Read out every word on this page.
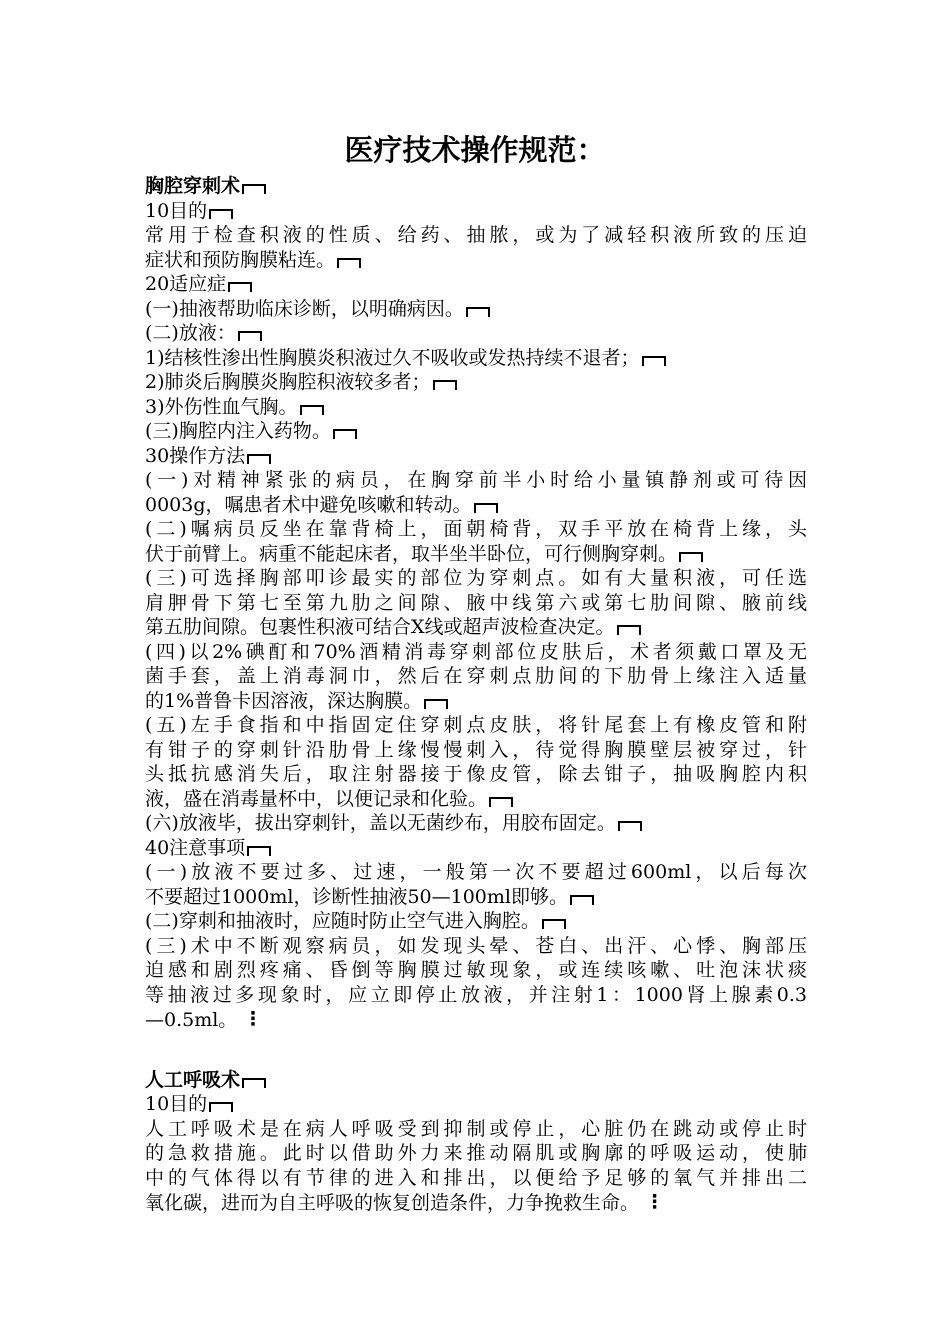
医疗技术操作规范：
胸腔穿刺术
10目的
常用于检查积液的性质、给药、抽脓，或为了减轻积液所致的压迫
症状和预防胸膜粘连。
20适应症
(一)抽液帮助临床诊断，以明确病因。
(二)放液：
1)结核性渗出性胸膜炎积液过久不吸收或发热持续不退者；
2)肺炎后胸膜炎胸腔积液较多者；
3)外伤性血气胸。
(三)胸腔内注入药物。
30操作方法
(一)对精神紧张的病员，在胸穿前半小时给小量镇静剂或可待因
0003g，嘱患者术中避免咳嗽和转动。
(二)嘱病员反坐在靠背椅上，面朝椅背，双手平放在椅背上缘，头
伏于前臂上。病重不能起床者，取半坐半卧位，可行侧胸穿刺。
(三)可选择胸部叩诊最实的部位为穿刺点。如有大量积液，可任选
肩胛骨下第七至第九肋之间隙、腋中线第六或第七肋间隙、腋前线
第五肋间隙。包裹性积液可结合X线或超声波检查决定。
(四)以2%碘酊和70%酒精消毒穿刺部位皮肤后，术者须戴口罩及无
菌手套，盖上消毒洞巾，然后在穿刺点肋间的下肋骨上缘注入适量
的1%普鲁卡因溶液，深达胸膜。
(五)左手食指和中指固定住穿刺点皮肤，将针尾套上有橡皮管和附
有钳子的穿刺针沿肋骨上缘慢慢刺入，待觉得胸膜壁层被穿过，针
头抵抗感消失后，取注射器接于像皮管，除去钳子，抽吸胸腔内积
液，盛在消毒量杯中，以便记录和化验。
(六)放液毕，拔出穿刺针，盖以无菌纱布，用胶布固定。
40注意事项
(一)放液不要过多、过速，一般第一次不要超过600ml，以后每次
不要超过1000ml，诊断性抽液50—100ml即够。
(二)穿刺和抽液时，应随时防止空气进入胸腔。
(三)术中不断观察病员，如发现头晕、苍白、出汗、心悸、胸部压
迫感和剧烈疼痛、昏倒等胸膜过敏现象，或连续咳嗽、吐泡沫状痰
等抽液过多现象时，应立即停止放液，并注射1：1000肾上腺素0.3
—0.5ml。 ⋮
人工呼吸术
10目的
人工呼吸术是在病人呼吸受到抑制或停止，心脏仍在跳动或停止时
的急救措施。此时以借助外力来推动隔肌或胸廓的呼吸运动，使肺
中的气体得以有节律的进入和排出，以便给予足够的氧气并排出二
氧化碳，进而为自主呼吸的恢复创造条件，力争挽救生命。 ⋮
